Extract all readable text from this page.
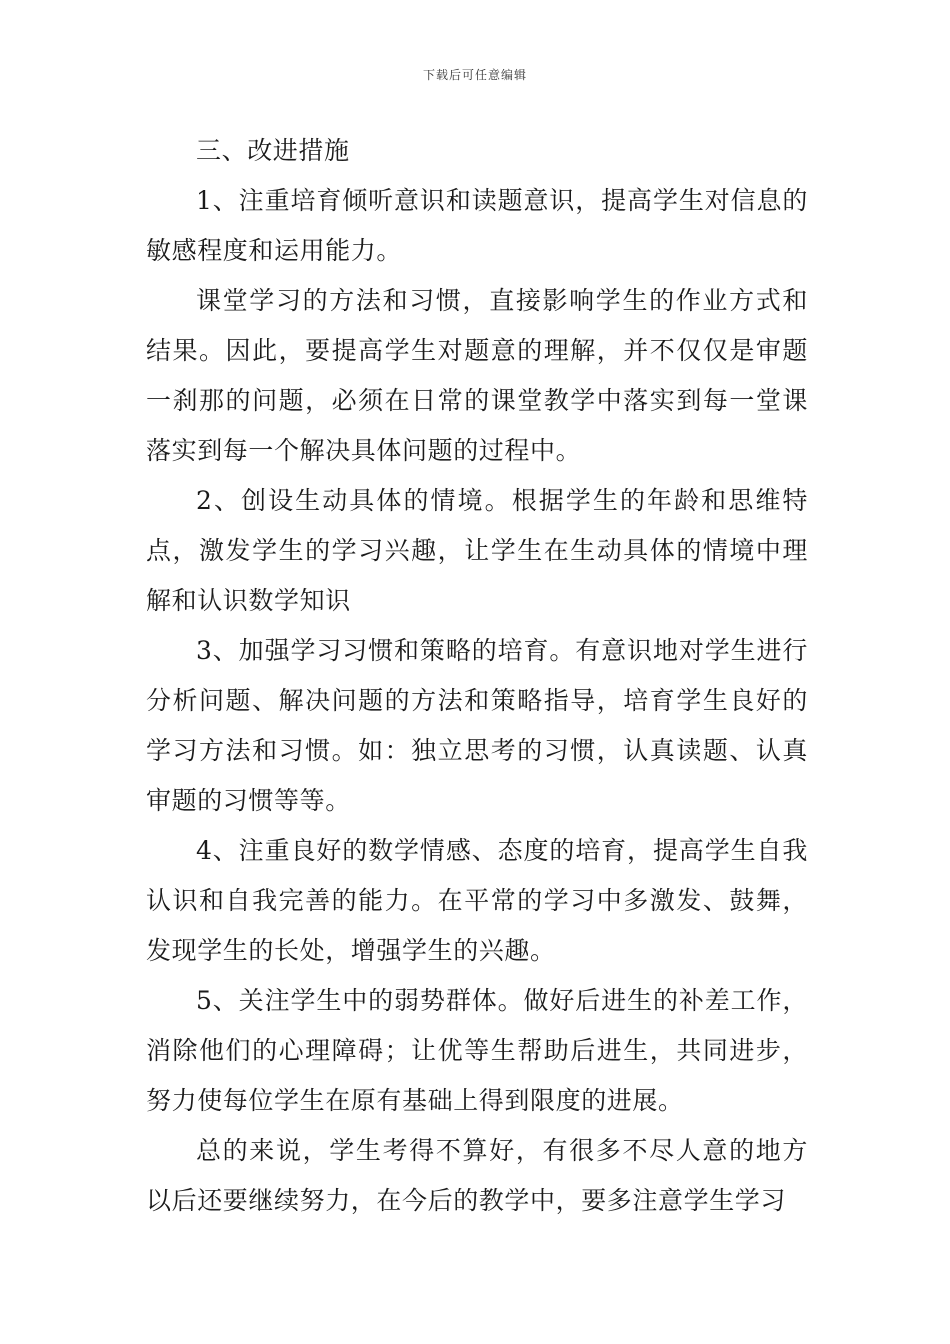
下载后可任意编辑

三、改进措施

1、注重培育倾听意识和读题意识，提高学生对信息的敏感程度和运用能力。

课堂学习的方法和习惯，直接影响学生的作业方式和结果。因此，要提高学生对题意的理解，并不仅仅是审题一刹那的问题，必须在日常的课堂教学中落实到每一堂课落实到每一个解决具体问题的过程中。

2、创设生动具体的情境。根据学生的年龄和思维特点，激发学生的学习兴趣，让学生在生动具体的情境中理解和认识数学知识

3、加强学习习惯和策略的培育。有意识地对学生进行分析问题、解决问题的方法和策略指导，培育学生良好的学习方法和习惯。如：独立思考的习惯，认真读题、认真审题的习惯等等。

4、注重良好的数学情感、态度的培育，提高学生自我认识和自我完善的能力。在平常的学习中多激发、鼓舞，发现学生的长处，增强学生的兴趣。

5、关注学生中的弱势群体。做好后进生的补差工作，消除他们的心理障碍；让优等生帮助后进生，共同进步，努力使每位学生在原有基础上得到限度的进展。

总的来说，学生考得不算好，有很多不尽人意的地方以后还要继续努力，在今后的教学中，要多注意学生学习
